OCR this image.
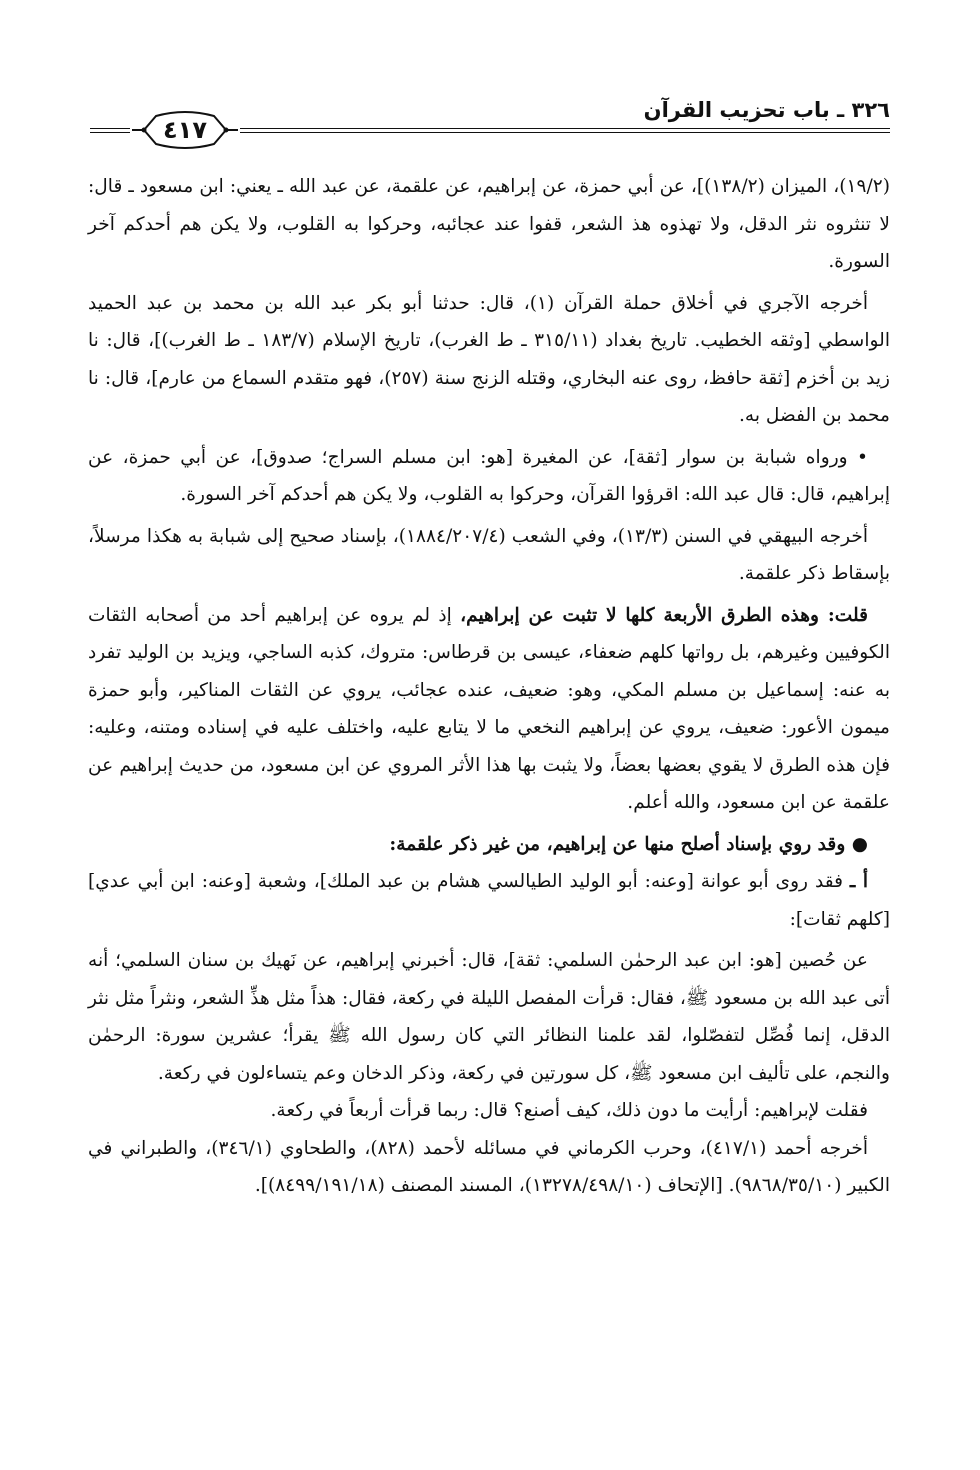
٣٢٦ ـ باب تحزيب القرآن
٤١٧

(١٩/٢)، الميزان (١٣٨/٢)]، عن أبي حمزة، عن إبراهيم، عن علقمة، عن عبد الله ـ يعني: ابن مسعود ـ قال: لا تنثروه نثر الدقل، ولا تهذوه هذ الشعر، قفوا عند عجائبه، وحركوا به القلوب، ولا يكن هم أحدكم آخر السورة.

أخرجه الآجري في أخلاق حملة القرآن (١)، قال: حدثنا أبو بكر عبد الله بن محمد بن عبد الحميد الواسطي [وثقه الخطيب. تاريخ بغداد (٣١٥/١١ ـ ط الغرب)، تاريخ الإسلام (١٨٣/٧ ـ ط الغرب)]، قال: نا زيد بن أخزم [ثقة حافظ، روى عنه البخاري، وقتله الزنج سنة (٢٥٧)، فهو متقدم السماع من عارم]، قال: نا محمد بن الفضل به.

• ورواه شبابة بن سوار [ثقة]، عن المغيرة [هو: ابن مسلم السراج؛ صدوق]، عن أبي حمزة، عن إبراهيم، قال: قال عبد الله: اقرؤوا القرآن، وحركوا به القلوب، ولا يكن هم أحدكم آخر السورة.

أخرجه البيهقي في السنن (١٣/٣)، وفي الشعب (١٨٨٤/٢٠٧/٤)، بإسناد صحيح إلى شبابة به هكذا مرسلاً، بإسقاط ذكر علقمة.

قلت: وهذه الطرق الأربعة كلها لا تثبت عن إبراهيم، إذ لم يروه عن إبراهيم أحد من أصحابه الثقات الكوفيين وغيرهم، بل رواتها كلهم ضعفاء، عيسى بن قرطاس: متروك، كذبه الساجي، ويزيد بن الوليد تفرد به عنه: إسماعيل بن مسلم المكي، وهو: ضعيف، عنده عجائب، يروي عن الثقات المناكير، وأبو حمزة ميمون الأعور: ضعيف، يروي عن إبراهيم النخعي ما لا يتابع عليه، واختلف عليه في إسناده ومتنه، وعليه: فإن هذه الطرق لا يقوي بعضها بعضاً، ولا يثبت بها هذا الأثر المروي عن ابن مسعود، من حديث إبراهيم عن علقمة عن ابن مسعود، والله أعلم.

● وقد روي بإسناد أصلح منها عن إبراهيم، من غير ذكر علقمة:

أ ـ فقد روى أبو عوانة [وعنه: أبو الوليد الطيالسي هشام بن عبد الملك]، وشعبة [وعنه: ابن أبي عدي] [كلهم ثقات]:

عن حُصين [هو: ابن عبد الرحمٰن السلمي: ثقة]، قال: أخبرني إبراهيم، عن نَهيك بن سنان السلمي؛ أنه أتى عبد الله بن مسعود ﷺ، فقال: قرأت المفصل الليلة في ركعة، فقال: هذاً مثل هذِّ الشعر، ونثراً مثل نثر الدقل، إنما فُصِّل لتفصّلوا، لقد علمنا النظائر التي كان رسول الله ﷺ يقرأ؛ عشرين سورة: الرحمٰن والنجم، على تأليف ابن مسعود ﷺ، كل سورتين في ركعة، وذكر الدخان وعم يتساءلون في ركعة.

فقلت لإبراهيم: أرأيت ما دون ذلك، كيف أصنع؟ قال: ربما قرأت أربعاً في ركعة.

أخرجه أحمد (٤١٧/١)، وحرب الكرماني في مسائله لأحمد (٨٢٨)، والطحاوي (٣٤٦/١)، والطبراني في الكبير (٩٨٦٨/٣٥/١٠). [الإتحاف (١٣٢٧٨/٤٩٨/١٠)، المسند المصنف (٨٤٩٩/١٩١/١٨)].
